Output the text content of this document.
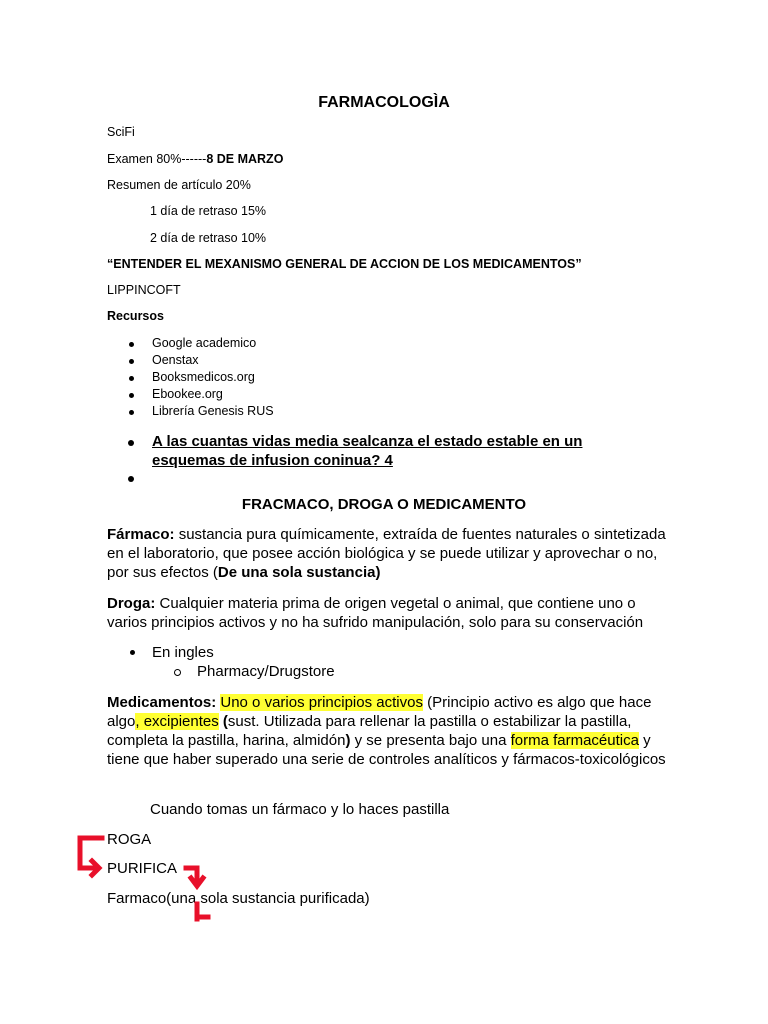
FARMACOLOGÌA
SciFi
Examen 80%------8 DE MARZO
Resumen de artículo 20%
1 día de retraso 15%
2 día de retraso 10%
“ENTENDER EL MEXANISMO GENERAL DE ACCION DE LOS MEDICAMENTOS”
LIPPINCOFT
Recursos
Google academico
Oenstax
Booksmedicos.org
Ebookee.org
Librería Genesis RUS
A las cuantas vidas media sealcanza el estado estable en un
esquemas de infusion coninua? 4
FRACMACO, DROGA O MEDICAMENTO
Fármaco: sustancia pura químicamente, extraída de fuentes naturales o sintetizada en el laboratorio, que posee acción biológica y se puede utilizar y aprovechar o no, por sus efectos (De una sola sustancia)
Droga: Cualquier materia prima de origen vegetal o animal, que contiene uno o varios principios activos y no ha sufrido manipulación, solo para su conservación
En ingles
Pharmacy/Drugstore
Medicamentos: Uno o varios principios activos (Principio activo es algo que hace algo, excipientes (sust. Utilizada para rellenar la pastilla o estabilizar la pastilla, completa la pastilla, harina, almidón) y se presenta bajo una forma farmacéutica y tiene que haber superado una serie de controles analíticos y fármacos-toxicológicos
Cuando tomas un fármaco y lo haces pastilla
ROGA
PURIFICA
Farmaco(una sola sustancia purificada)
